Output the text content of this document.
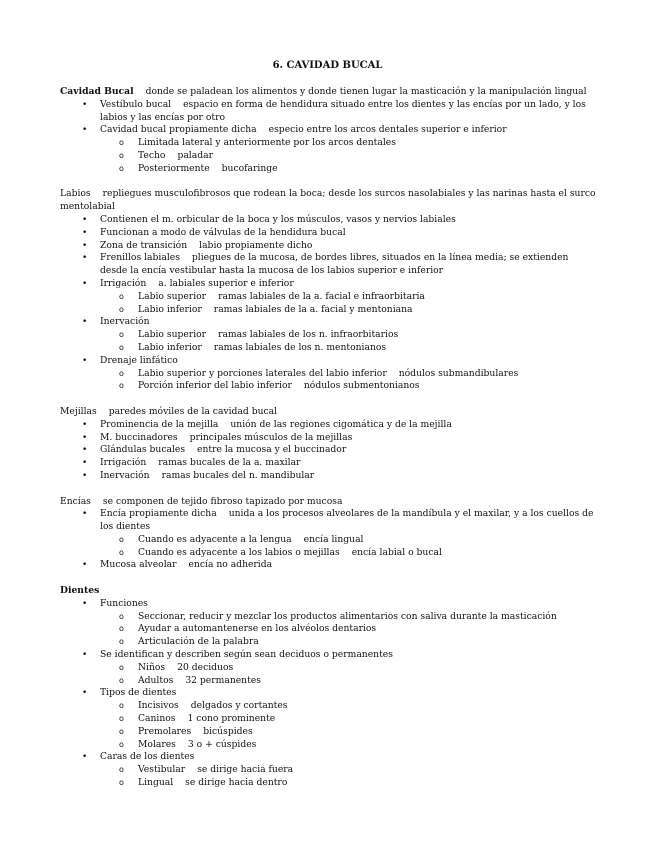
6. CAVIDAD BUCAL
Cavidad Bucal donde se paladean los alimentos y donde tienen lugar la masticación y la manipulación lingual
• Vestíbulo bucal espacio en forma de hendidura situado entre los dientes y las encías por un lado, y los labios y las encías por otro
• Cavidad bucal propiamente dicha especio entre los arcos dentales superior e inferior
o Limitada lateral y anteriormente por los arcos dentales
o Techo paladar
o Posteriormente bucofaringe
Labios repliegues musculofibrosos que rodean la boca; desde los surcos nasolabiales y las narinas hasta el surco mentolabial
• Contienen el m. orbicular de la boca y los músculos, vasos y nervios labiales
• Funcionan a modo de válvulas de la hendidura bucal
• Zona de transición labio propiamente dicho
• Frenillos labiales pliegues de la mucosa, de bordes libres, situados en la línea media; se extienden desde la encía vestibular hasta la mucosa de los labios superior e inferior
• Irrigación a. labiales superior e inferior
o Labio superior ramas labiales de la a. facial e infraorbitaria
o Labio inferior ramas labiales de la a. facial y mentoniana
• Inervación
o Labio superior ramas labiales de los n. infraorbitarios
o Labio inferior ramas labiales de los n. mentonianos
• Drenaje linfático
o Labio superior y porciones laterales del labio inferior nódulos submandibulares
o Porción inferior del labio inferior nódulos submentonianos
Mejillas paredes móviles de la cavidad bucal
• Prominencia de la mejilla unión de las regiones cigomática y de la mejilla
• M. buccinadores principales músculos de la mejillas
• Glándulas bucales entre la mucosa y el buccinador
• Irrigación ramas bucales de la a. maxilar
• Inervación ramas bucales del n. mandibular
Encías se componen de tejido fibroso tapizado por mucosa
• Encía propiamente dicha unida a los procesos alveolares de la mandíbula y el maxilar, y a los cuellos de los dientes
o Cuando es adyacente a la lengua encía lingual
o Cuando es adyacente a los labios o mejillas encía labial o bucal
• Mucosa alveolar encía no adherida
Dientes
• Funciones
o Seccionar, reducir y mezclar los productos alimentarios con saliva durante la masticación
o Ayudar a automantenerse en los alvéolos dentarios
o Articulación de la palabra
• Se identifican y describen según sean deciduos o permanentes
o Niños 20 deciduos
o Adultos 32 permanentes
• Tipos de dientes
o Incisivos delgados y cortantes
o Caninos 1 cono prominente
o Premolares bicúspides
o Molares 3 o + cúspides
• Caras de los dientes
o Vestibular se dirige hacia fuera
o Lingual se dirige hacia dentro
